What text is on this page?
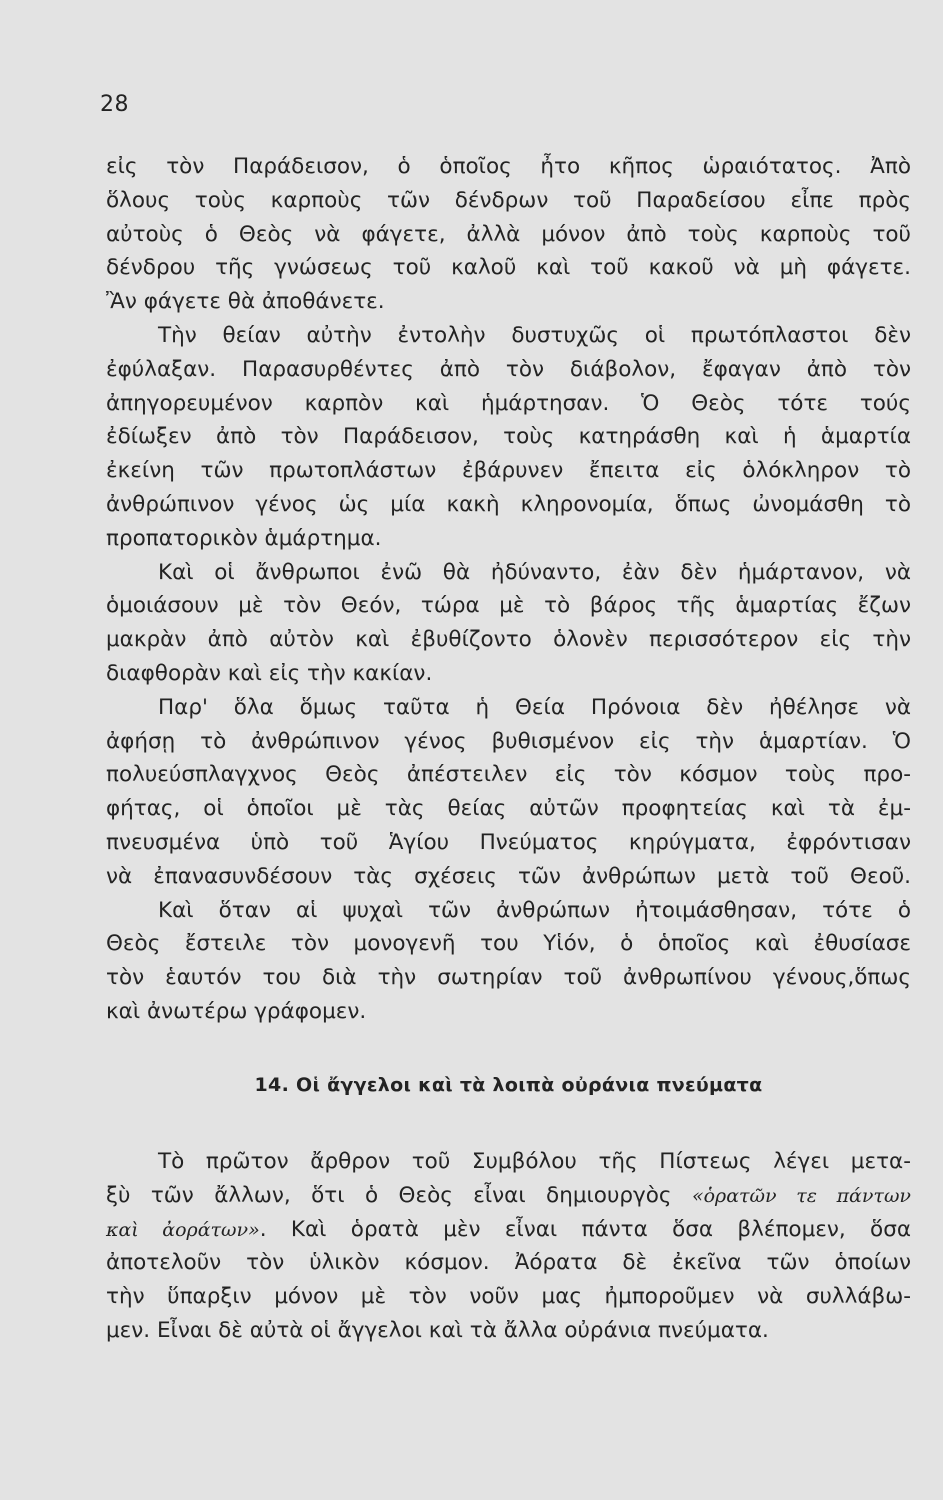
28
εἰς τὸν Παράδεισον, ὁ ὁποῖος ἦτο κῆπος ὡραιότατος. Ἀπὸ
ὅλους τοὺς καρποὺς τῶν δένδρων τοῦ Παραδείσου εἶπε πρὸς
αὐτοὺς ὁ Θεὸς νὰ φάγετε, ἀλλὰ μόνον ἀπὸ τοὺς καρποὺς τοῦ
δένδρου τῆς γνώσεως τοῦ καλοῦ καὶ τοῦ κακοῦ νὰ μὴ φάγετε.
Ἂν φάγετε θὰ ἀποθάνετε.
Τὴν θείαν αὐτὴν ἐντολὴν δυστυχῶς οἱ πρωτόπλαστοι δὲν
ἐφύλαξαν. Παρασυρθέντες ἀπὸ τὸν διάβολον, ἔφαγαν ἀπὸ τὸν
ἀπηγορευμένον καρπὸν καὶ ἡμάρτησαν. Ὁ Θεὸς τότε τούς
ἐδίωξεν ἀπὸ τὸν Παράδεισον, τοὺς κατηράσθη καὶ ἡ ἁμαρτία
ἐκείνη τῶν πρωτοπλάστων ἐβάρυνεν ἔπειτα εἰς ὁλόκληρον τὸ
ἀνθρώπινον γένος ὡς μία κακὴ κληρονομία, ὅπως ὠνομάσθη τὸ
προπατορικὸν ἁμάρτημα.
Καὶ οἱ ἄνθρωποι ἐνῶ θὰ ἠδύναντο, ἐὰν δὲν ἡμάρτανον, νὰ
ὁμοιάσουν μὲ τὸν Θεόν, τώρα μὲ τὸ βάρος τῆς ἁμαρτίας ἔζων
μακρὰν ἀπὸ αὐτὸν καὶ ἐβυθίζοντο ὁλονὲν περισσότερον εἰς τὴν
διαφθορὰν καὶ εἰς τὴν κακίαν.
Παρ' ὅλα ὅμως ταῦτα ἡ Θεία Πρόνοια δὲν ἠθέλησε νὰ
ἀφήσῃ τὸ ἀνθρώπινον γένος βυθισμένον εἰς τὴν ἁμαρτίαν. Ὁ
πολυεύσπλαγχνος Θεὸς ἀπέστειλεν εἰς τὸν κόσμον τοὺς προ-
φήτας, οἱ ὁποῖοι μὲ τὰς θείας αὐτῶν προφητείας καὶ τὰ ἐμ-
πνευσμένα ὑπὸ τοῦ Ἁγίου Πνεύματος κηρύγματα, ἐφρόντισαν
νὰ ἐπανασυνδέσουν τὰς σχέσεις τῶν ἀνθρώπων μετὰ τοῦ Θεοῦ.
Καὶ ὅταν αἱ ψυχαὶ τῶν ἀνθρώπων ἠτοιμάσθησαν, τότε ὁ
Θεὸς ἔστειλε τὸν μονογενῆ του Υἱόν, ὁ ὁποῖος καὶ ἐθυσίασε
τὸν ἑαυτόν του διὰ τὴν σωτηρίαν τοῦ ἀνθρωπίνου γένους,ὅπως
καὶ ἀνωτέρω γράφομεν.
14. Οἱ ἄγγελοι καὶ τὰ λοιπὰ οὐράνια πνεύματα
Τὸ πρῶτον ἄρθρον τοῦ Συμβόλου τῆς Πίστεως λέγει μετα-
ξὺ τῶν ἄλλων, ὅτι ὁ Θεὸς εἶναι δημιουργὸς «ὁρατῶν τε πάντων
καὶ ἀοράτων». Καὶ ὁρατὰ μὲν εἶναι πάντα ὅσα βλέπομεν, ὅσα
ἀποτελοῦν τὸν ὑλικὸν κόσμον. Ἀόρατα δὲ ἐκεῖνα τῶν ὁποίων
τὴν ὕπαρξιν μόνον μὲ τὸν νοῦν μας ἠμποροῦμεν νὰ συλλάβω-
μεν. Εἶναι δὲ αὐτὰ οἱ ἄγγελοι καὶ τὰ ἄλλα οὐράνια πνεύματα.
